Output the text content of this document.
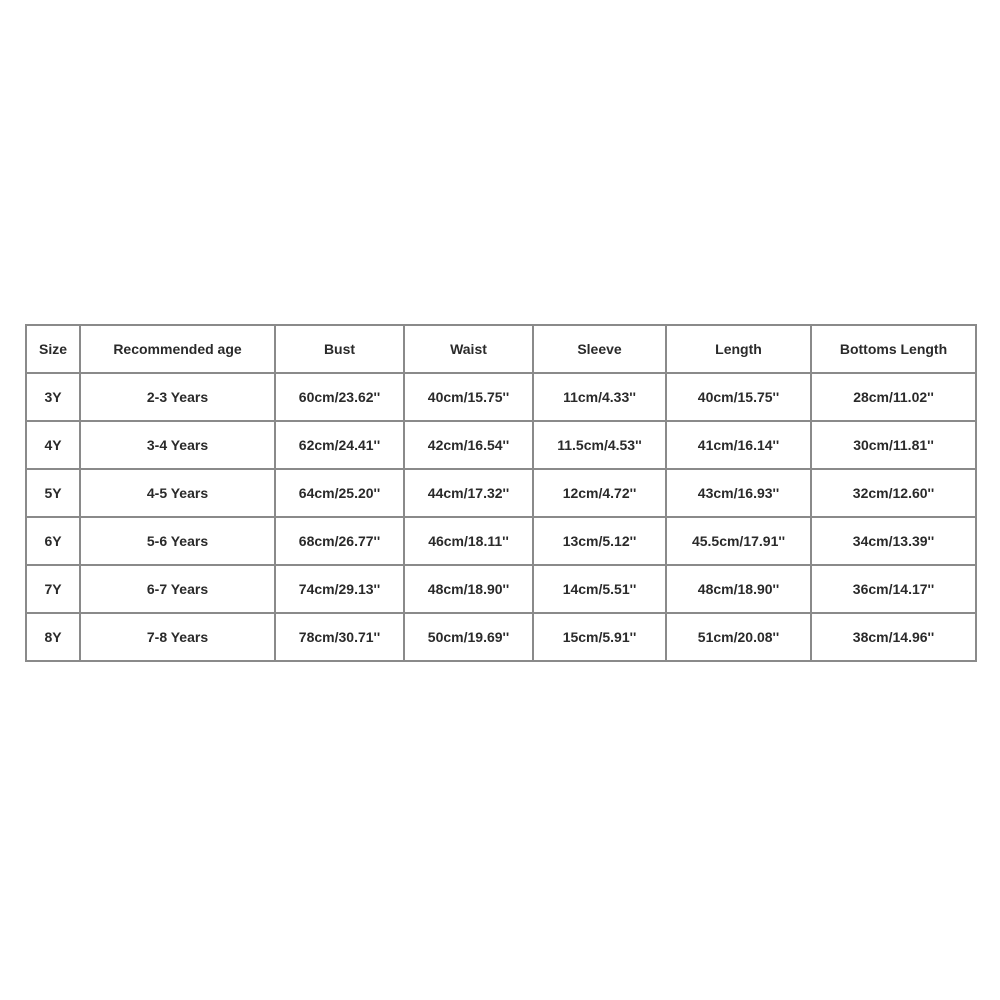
Size	Recommended age	Bust	Waist	Sleeve	Length	Bottoms Length
3Y	2-3 Years	60cm/23.62''	40cm/15.75''	11cm/4.33''	40cm/15.75''	28cm/11.02''
4Y	3-4 Years	62cm/24.41''	42cm/16.54''	11.5cm/4.53''	41cm/16.14''	30cm/11.81''
5Y	4-5 Years	64cm/25.20''	44cm/17.32''	12cm/4.72''	43cm/16.93''	32cm/12.60''
6Y	5-6 Years	68cm/26.77''	46cm/18.11''	13cm/5.12''	45.5cm/17.91''	34cm/13.39''
7Y	6-7 Years	74cm/29.13''	48cm/18.90''	14cm/5.51''	48cm/18.90''	36cm/14.17''
8Y	7-8 Years	78cm/30.71''	50cm/19.69''	15cm/5.91''	51cm/20.08''	38cm/14.96''
